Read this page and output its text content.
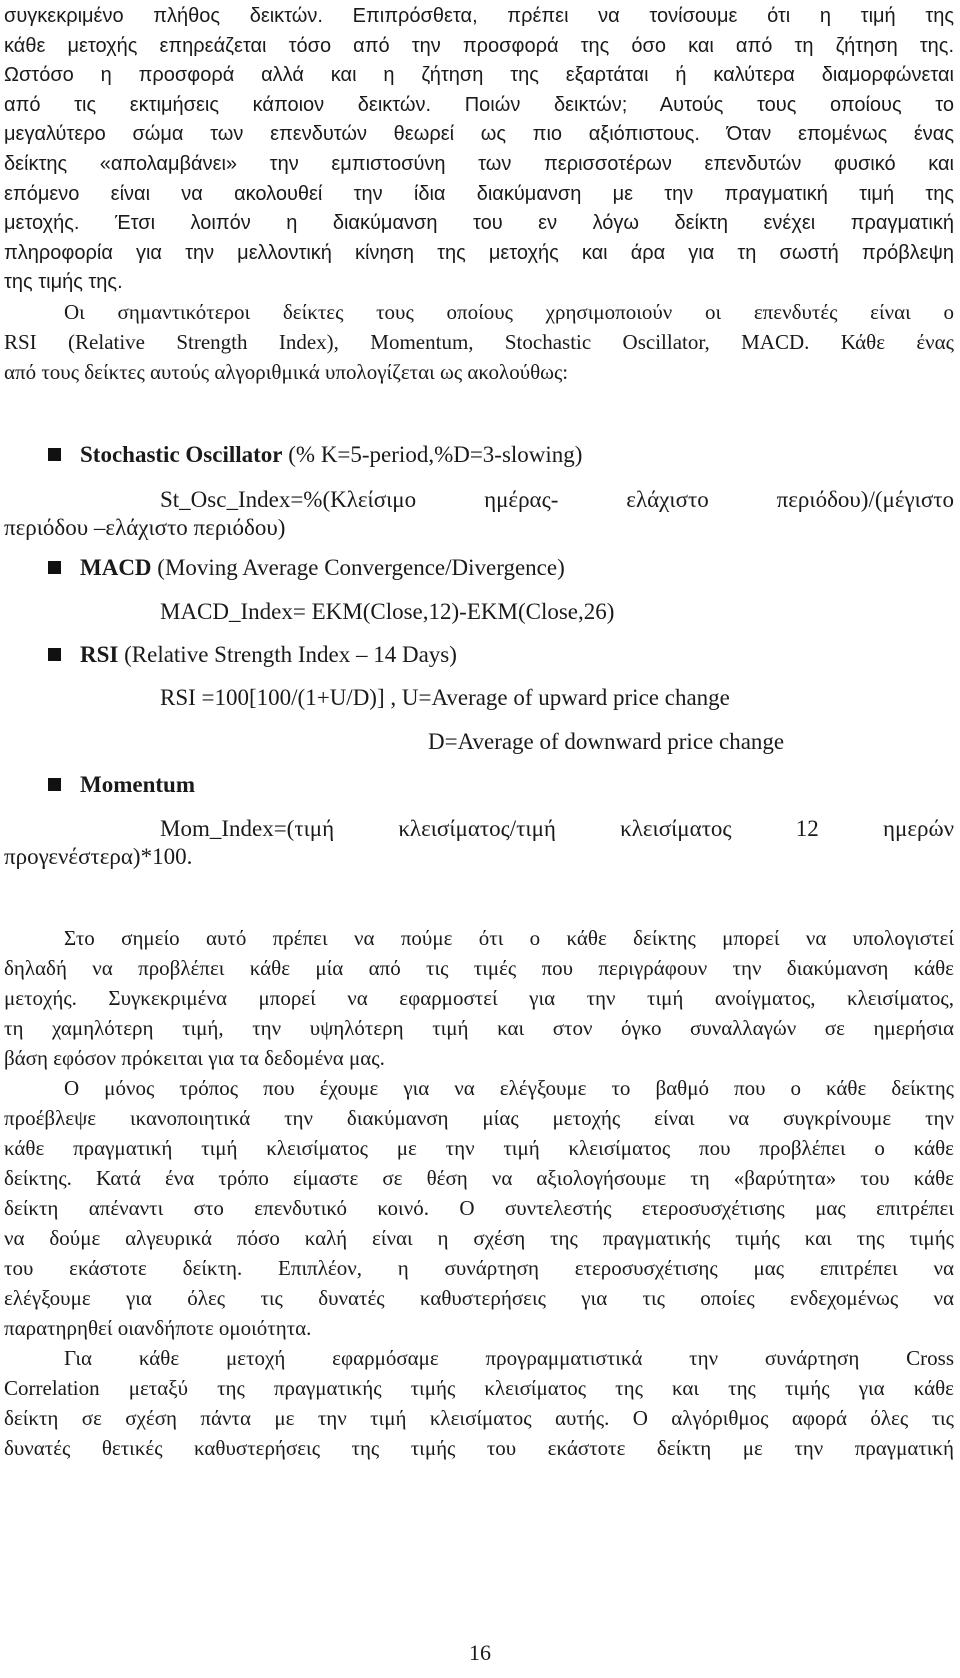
συγκεκριμένο πλήθος δεικτών. Επιπρόσθετα, πρέπει να τονίσουμε ότι η τιμή της
κάθε μετοχής επηρεάζεται τόσο από την προσφορά της όσο και από τη ζήτηση της.
Ωστόσο η προσφορά αλλά και η ζήτηση της εξαρτάται ή καλύτερα διαμορφώνεται
από τις εκτιμήσεις κάποιον δεικτών. Ποιών δεικτών; Αυτούς τους οποίους το
μεγαλύτερο σώμα των επενδυτών θεωρεί ως πιο αξιόπιστους. Όταν επομένως ένας
δείκτης «απολαμβάνει» την εμπιστοσύνη των περισσοτέρων επενδυτών φυσικό και
επόμενο είναι να ακολουθεί την ίδια διακύμανση με την πραγματική τιμή της
μετοχής. Έτσι λοιπόν η διακύμανση του εν λόγω δείκτη ενέχει πραγματική
πληροφορία για την μελλοντική κίνηση της μετοχής και άρα για τη σωστή πρόβλεψη
της τιμής της.
Οι σημαντικότεροι δείκτες τους οποίους χρησιμοποιούν οι επενδυτές είναι ο
RSI (Relative Strength Index), Momentum, Stochastic Oscillator, MACD. Κάθε ένας
από τους δείκτες αυτούς αλγοριθμικά υπολογίζεται ως ακολούθως:
Stochastic Oscillator (% K=5-period,%D=3-slowing)
St_Osc_Index=%(Κλείσιμο ημέρας- ελάχιστο περιόδου)/(μέγιστο
περιόδου –ελάχιστο περιόδου)
MACD (Moving Average Convergence/Divergence)
MACD_Index= ΕΚΜ(Close,12)-EKM(Close,26)
RSI (Relative Strength Index – 14 Days)
RSI =100[100/(1+U/D)] , U=Average of upward price change
D=Average of downward price change
Momentum
Mom_Index=(τιμή κλεισίματος/τιμή κλεισίματος 12 ημερών
προγενέστερα)*100.
Στο σημείο αυτό πρέπει να πούμε ότι ο κάθε δείκτης μπορεί να υπολογιστεί
δηλαδή να προβλέπει κάθε μία από τις τιμές που περιγράφουν την διακύμανση κάθε
μετοχής. Συγκεκριμένα μπορεί να εφαρμοστεί για την τιμή ανοίγματος, κλεισίματος,
τη χαμηλότερη τιμή, την υψηλότερη τιμή και στον όγκο συναλλαγών σε ημερήσια
βάση εφόσον πρόκειται για τα δεδομένα μας.
Ο μόνος τρόπος που έχουμε για να ελέγξουμε το βαθμό που ο κάθε δείκτης
προέβλεψε ικανοποιητικά την διακύμανση μίας μετοχής είναι να συγκρίνουμε την
κάθε πραγματική τιμή κλεισίματος με την τιμή κλεισίματος που προβλέπει ο κάθε
δείκτης. Κατά ένα τρόπο είμαστε σε θέση να αξιολογήσουμε τη «βαρύτητα» του κάθε
δείκτη απέναντι στο επενδυτικό κοινό. Ο συντελεστής ετεροσυσχέτισης μας επιτρέπει
να δούμε αλγευρικά πόσο καλή είναι η σχέση της πραγματικής τιμής και της τιμής
του εκάστοτε δείκτη. Επιπλέον, η συνάρτηση ετεροσυσχέτισης μας επιτρέπει να
ελέγξουμε για όλες τις δυνατές καθυστερήσεις για τις οποίες ενδεχομένως να
παρατηρηθεί οιανδήποτε ομοιότητα.
Για κάθε μετοχή εφαρμόσαμε προγραμματιστικά την συνάρτηση Cross
Correlation μεταξύ της πραγματικής τιμής κλεισίματος της και της τιμής για κάθε
δείκτη σε σχέση πάντα με την τιμή κλεισίματος αυτής. Ο αλγόριθμος αφορά όλες τις
δυνατές θετικές καθυστερήσεις της τιμής του εκάστοτε δείκτη με την πραγματική
16
